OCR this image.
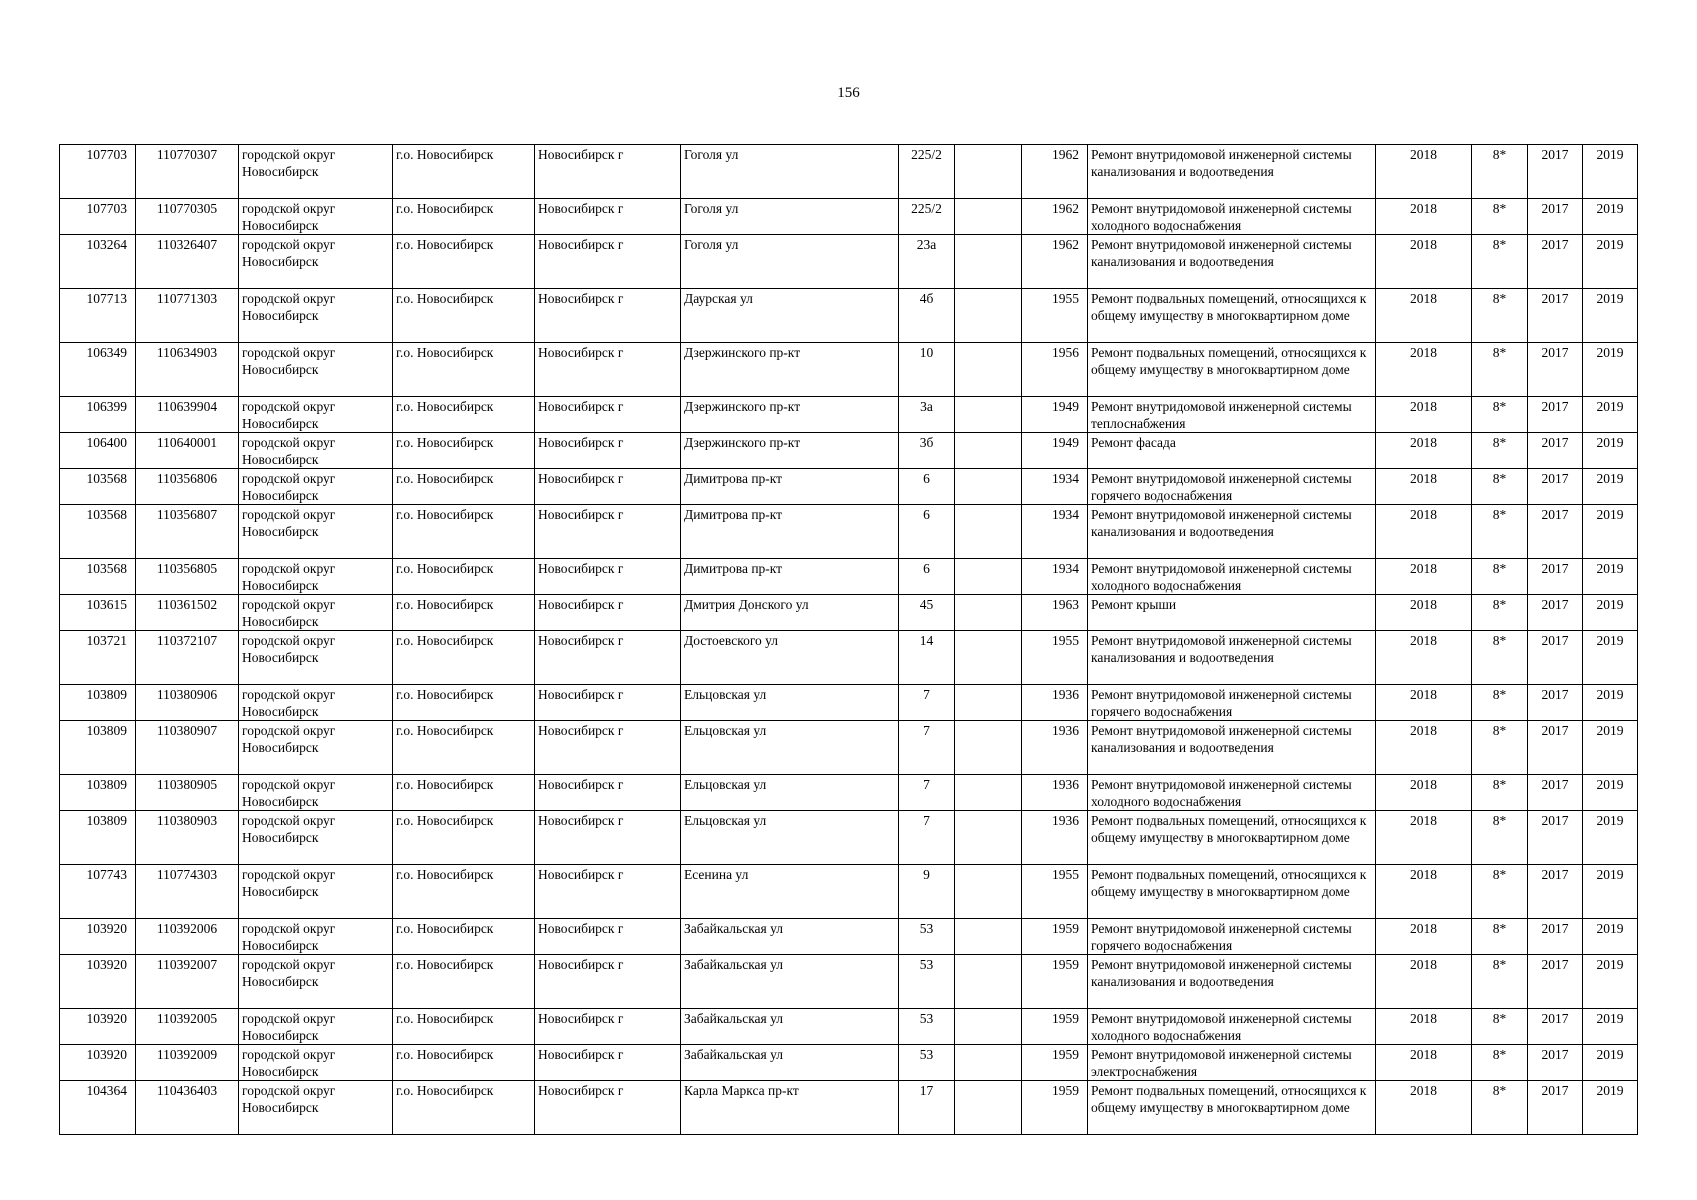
156
107703	110770307	городской округ Новосибирск	г.о. Новосибирск	Новосибирск г	Гоголя ул	225/2		1962	Ремонт внутридомовой инженерной системы канализования и водоотведения	2018	8*	2017	2019
107703	110770305	городской округ Новосибирск	г.о. Новосибирск	Новосибирск г	Гоголя ул	225/2		1962	Ремонт внутридомовой инженерной системы холодного водоснабжения	2018	8*	2017	2019
103264	110326407	городской округ Новосибирск	г.о. Новосибирск	Новосибирск г	Гоголя ул	23а		1962	Ремонт внутридомовой инженерной системы канализования и водоотведения	2018	8*	2017	2019
107713	110771303	городской округ Новосибирск	г.о. Новосибирск	Новосибирск г	Даурская ул	4б		1955	Ремонт подвальных помещений, относящихся к общему имуществу в многоквартирном доме	2018	8*	2017	2019
106349	110634903	городской округ Новосибирск	г.о. Новосибирск	Новосибирск г	Дзержинского пр-кт	10		1956	Ремонт подвальных помещений, относящихся к общему имуществу в многоквартирном доме	2018	8*	2017	2019
106399	110639904	городской округ Новосибирск	г.о. Новосибирск	Новосибирск г	Дзержинского пр-кт	3а		1949	Ремонт внутридомовой инженерной системы теплоснабжения	2018	8*	2017	2019
106400	110640001	городской округ Новосибирск	г.о. Новосибирск	Новосибирск г	Дзержинского пр-кт	3б		1949	Ремонт фасада	2018	8*	2017	2019
103568	110356806	городской округ Новосибирск	г.о. Новосибирск	Новосибирск г	Димитрова пр-кт	6		1934	Ремонт внутридомовой инженерной системы горячего водоснабжения	2018	8*	2017	2019
103568	110356807	городской округ Новосибирск	г.о. Новосибирск	Новосибирск г	Димитрова пр-кт	6		1934	Ремонт внутридомовой инженерной системы канализования и водоотведения	2018	8*	2017	2019
103568	110356805	городской округ Новосибирск	г.о. Новосибирск	Новосибирск г	Димитрова пр-кт	6		1934	Ремонт внутридомовой инженерной системы холодного водоснабжения	2018	8*	2017	2019
103615	110361502	городской округ Новосибирск	г.о. Новосибирск	Новосибирск г	Дмитрия Донского ул	45		1963	Ремонт крыши	2018	8*	2017	2019
103721	110372107	городской округ Новосибирск	г.о. Новосибирск	Новосибирск г	Достоевского ул	14		1955	Ремонт внутридомовой инженерной системы канализования и водоотведения	2018	8*	2017	2019
103809	110380906	городской округ Новосибирск	г.о. Новосибирск	Новосибирск г	Ельцовская ул	7		1936	Ремонт внутридомовой инженерной системы горячего водоснабжения	2018	8*	2017	2019
103809	110380907	городской округ Новосибирск	г.о. Новосибирск	Новосибирск г	Ельцовская ул	7		1936	Ремонт внутридомовой инженерной системы канализования и водоотведения	2018	8*	2017	2019
103809	110380905	городской округ Новосибирск	г.о. Новосибирск	Новосибирск г	Ельцовская ул	7		1936	Ремонт внутридомовой инженерной системы холодного водоснабжения	2018	8*	2017	2019
103809	110380903	городской округ Новосибирск	г.о. Новосибирск	Новосибирск г	Ельцовская ул	7		1936	Ремонт подвальных помещений, относящихся к общему имуществу в многоквартирном доме	2018	8*	2017	2019
107743	110774303	городской округ Новосибирск	г.о. Новосибирск	Новосибирск г	Есенина ул	9		1955	Ремонт подвальных помещений, относящихся к общему имуществу в многоквартирном доме	2018	8*	2017	2019
103920	110392006	городской округ Новосибирск	г.о. Новосибирск	Новосибирск г	Забайкальская ул	53		1959	Ремонт внутридомовой инженерной системы горячего водоснабжения	2018	8*	2017	2019
103920	110392007	городской округ Новосибирск	г.о. Новосибирск	Новосибирск г	Забайкальская ул	53		1959	Ремонт внутридомовой инженерной системы канализования и водоотведения	2018	8*	2017	2019
103920	110392005	городской округ Новосибирск	г.о. Новосибирск	Новосибирск г	Забайкальская ул	53		1959	Ремонт внутридомовой инженерной системы холодного водоснабжения	2018	8*	2017	2019
103920	110392009	городской округ Новосибирск	г.о. Новосибирск	Новосибирск г	Забайкальская ул	53		1959	Ремонт внутридомовой инженерной системы электроснабжения	2018	8*	2017	2019
104364	110436403	городской округ Новосибирск	г.о. Новосибирск	Новосибирск г	Карла Маркса пр-кт	17		1959	Ремонт подвальных помещений, относящихся к общему имуществу в многоквартирном доме	2018	8*	2017	2019
